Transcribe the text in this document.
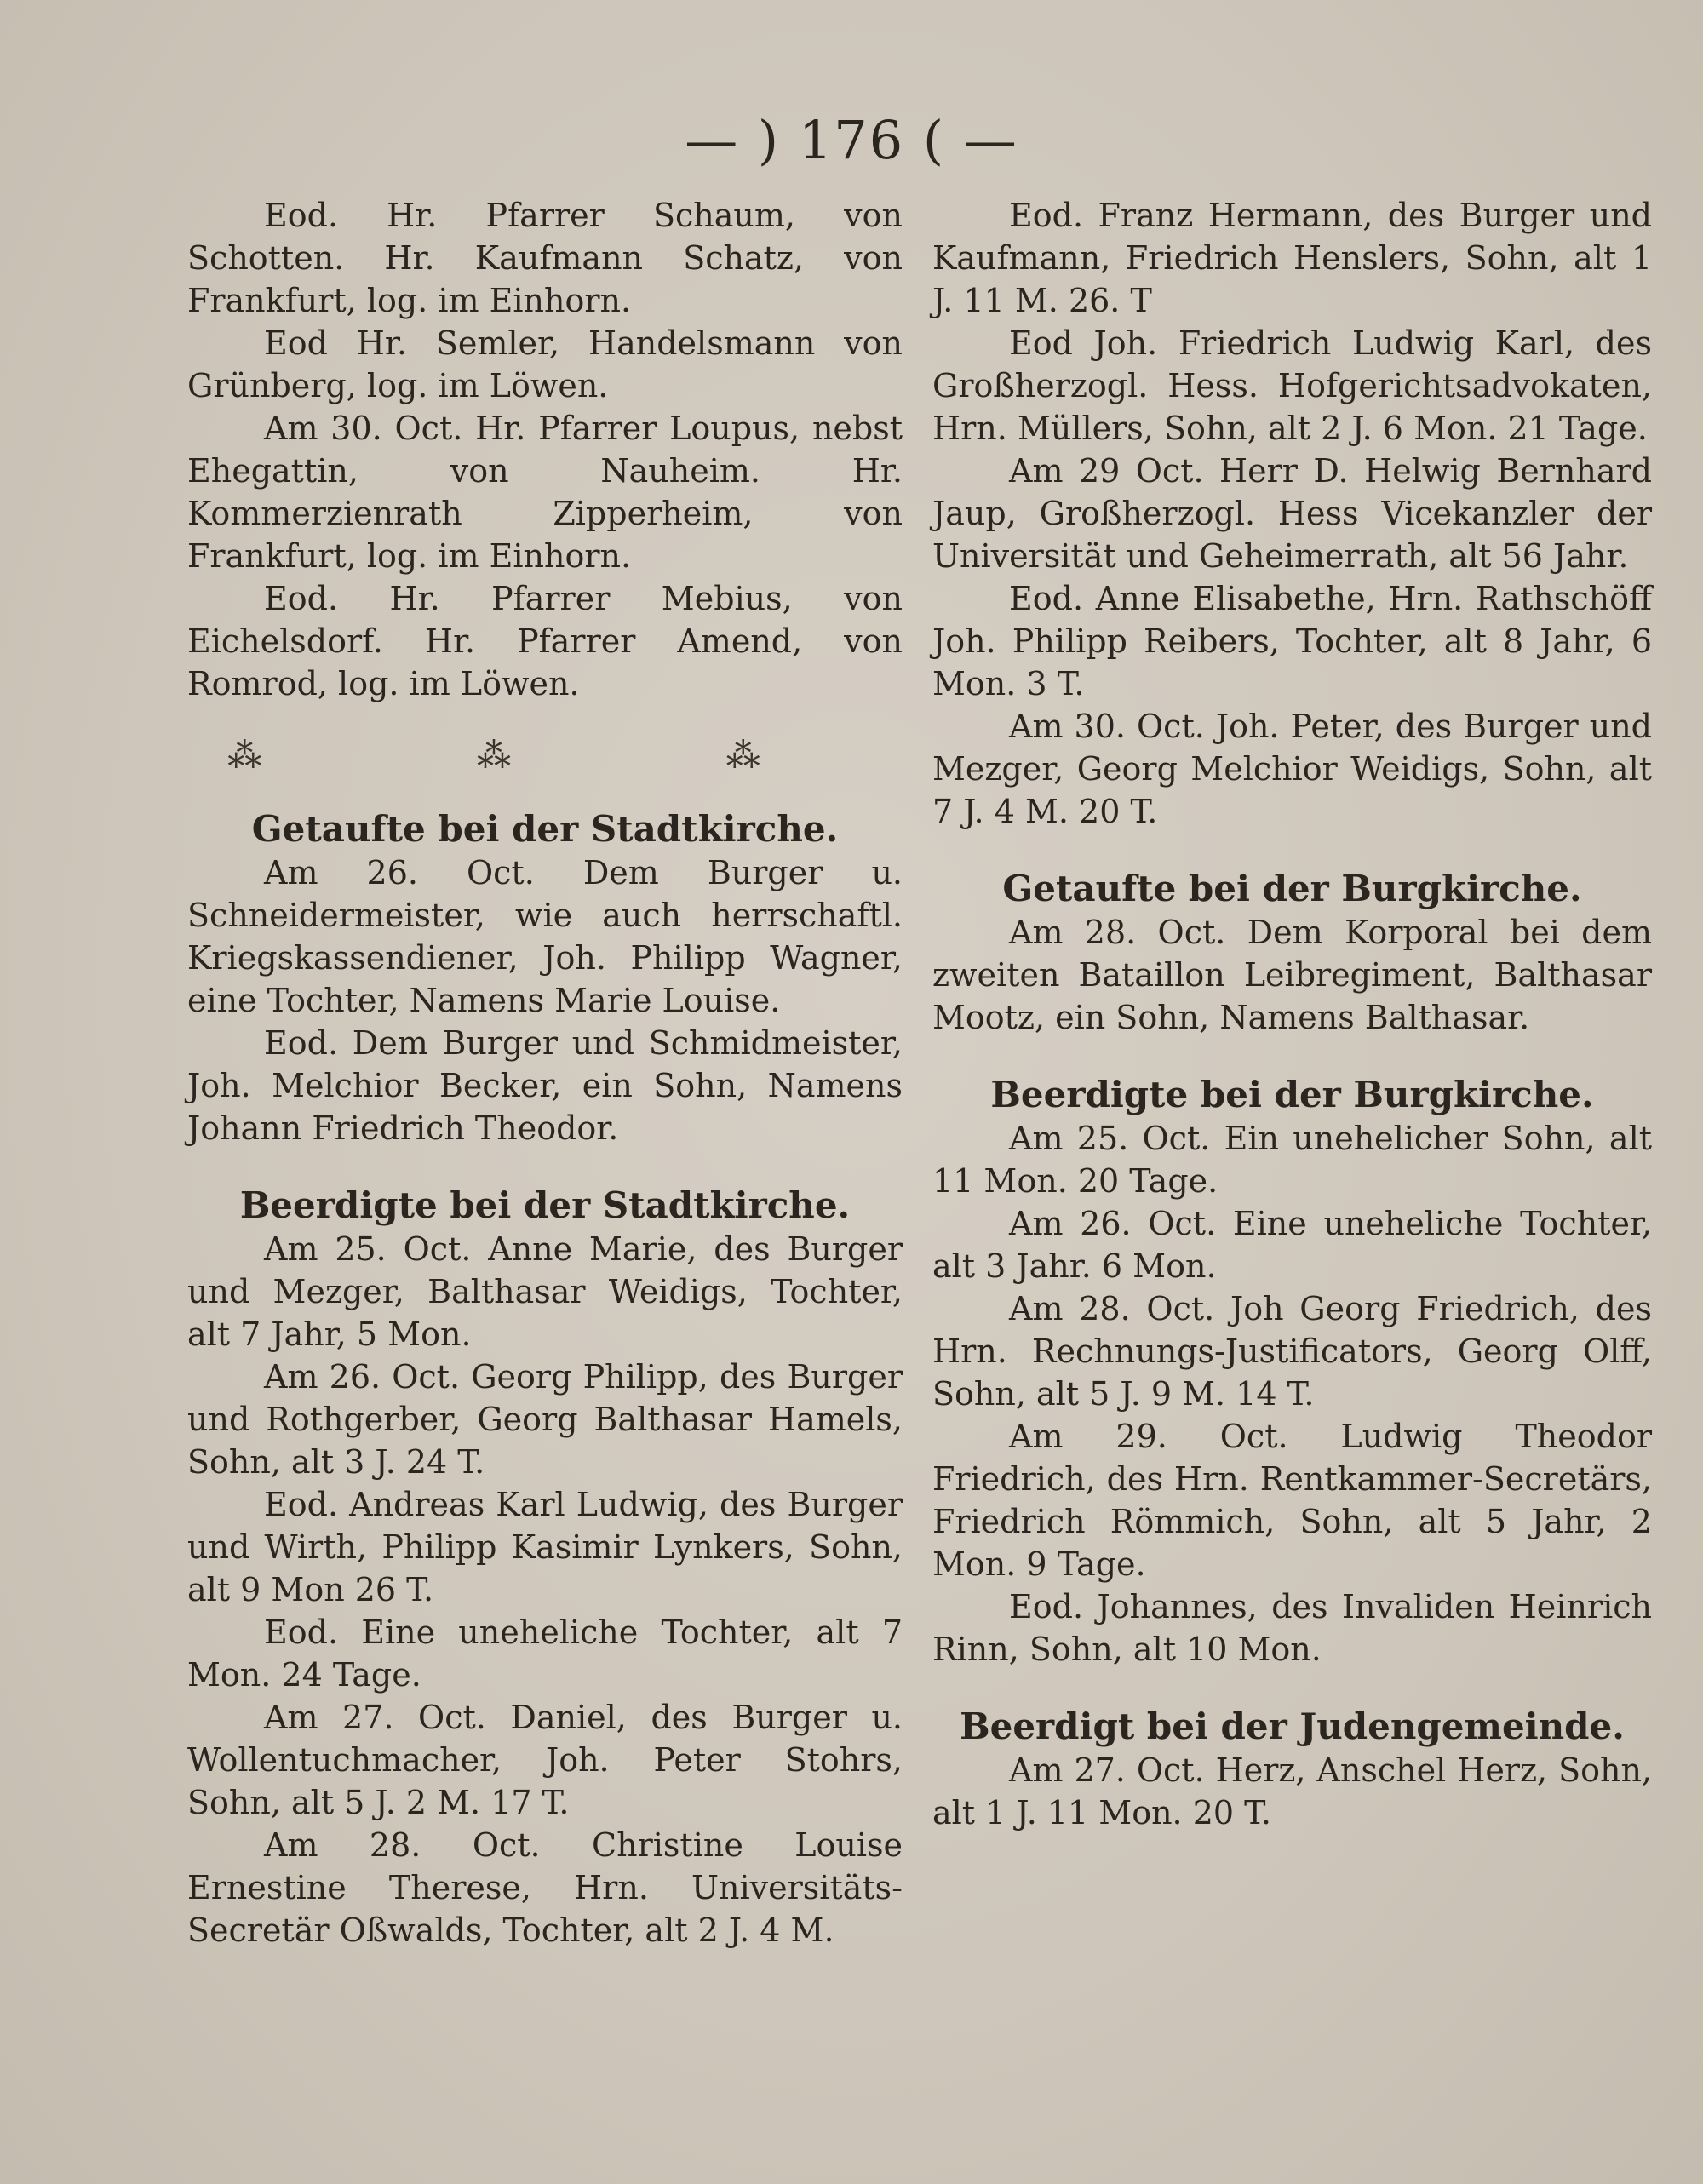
— ) 176 ( —

Eod. Hr. Pfarrer Schaum, von Schotten. Hr. Kaufmann Schatz, von Frankfurt, log. im Einhorn.

Eod Hr. Semler, Handelsmann von Grünberg, log. im Löwen.

Am 30. Oct. Hr. Pfarrer Loupus, nebst Ehegattin, von Nauheim. Hr. Kommerzienrath Zipperheim, von Frankfurt, log. im Einhorn.

Eod. Hr. Pfarrer Mebius, von Eichelsdorf. Hr. Pfarrer Amend, von Romrod, log. im Löwen.

⁂ ⁂ ⁂

Getaufte bei der Stadtkirche.

Am 26. Oct. Dem Burger u. Schneidermeister, wie auch herrschaftl. Kriegskassendiener, Joh. Philipp Wagner, eine Tochter, Namens Marie Louise.

Eod. Dem Burger und Schmidmeister, Joh. Melchior Becker, ein Sohn, Namens Johann Friedrich Theodor.

Beerdigte bei der Stadtkirche.

Am 25. Oct. Anne Marie, des Burger und Mezger, Balthasar Weidigs, Tochter, alt 7 Jahr, 5 Mon.

Am 26. Oct. Georg Philipp, des Burger und Rothgerber, Georg Balthasar Hamels, Sohn, alt 3 J. 24 T.

Eod. Andreas Karl Ludwig, des Burger und Wirth, Philipp Kasimir Lynkers, Sohn, alt 9 Mon 26 T.

Eod. Eine uneheliche Tochter, alt 7 Mon. 24 Tage.

Am 27. Oct. Daniel, des Burger u. Wollentuchmacher, Joh. Peter Stohrs, Sohn, alt 5 J. 2 M. 17 T.

Am 28. Oct. Christine Louise Ernestine Therese, Hrn. Universitäts-Secretär Oßwalds, Tochter, alt 2 J. 4 M.

Eod. Franz Hermann, des Burger und Kaufmann, Friedrich Henslers, Sohn, alt 1 J. 11 M. 26. T

Eod Joh. Friedrich Ludwig Karl, des Großherzogl. Hess. Hofgerichtsadvokaten, Hrn. Müllers, Sohn, alt 2 J. 6 Mon. 21 Tage.

Am 29 Oct. Herr D. Helwig Bernhard Jaup, Großherzogl. Hess Vicekanzler der Universität und Geheimerrath, alt 56 Jahr.

Eod. Anne Elisabethe, Hrn. Rathschöff Joh. Philipp Reibers, Tochter, alt 8 Jahr, 6 Mon. 3 T.

Am 30. Oct. Joh. Peter, des Burger und Mezger, Georg Melchior Weidigs, Sohn, alt 7 J. 4 M. 20 T.

Getaufte bei der Burgkirche.

Am 28. Oct. Dem Korporal bei dem zweiten Bataillon Leibregiment, Balthasar Mootz, ein Sohn, Namens Balthasar.

Beerdigte bei der Burgkirche.

Am 25. Oct. Ein unehelicher Sohn, alt 11 Mon. 20 Tage.

Am 26. Oct. Eine uneheliche Tochter, alt 3 Jahr. 6 Mon.

Am 28. Oct. Joh Georg Friedrich, des Hrn. Rechnungs-Justificators, Georg Olff, Sohn, alt 5 J. 9 M. 14 T.

Am 29. Oct. Ludwig Theodor Friedrich, des Hrn. Rentkammer-Secretärs, Friedrich Römmich, Sohn, alt 5 Jahr, 2 Mon. 9 Tage.

Eod. Johannes, des Invaliden Heinrich Rinn, Sohn, alt 10 Mon.

Beerdigt bei der Judengemeinde.

Am 27. Oct. Herz, Anschel Herz, Sohn, alt 1 J. 11 Mon. 20 T.
